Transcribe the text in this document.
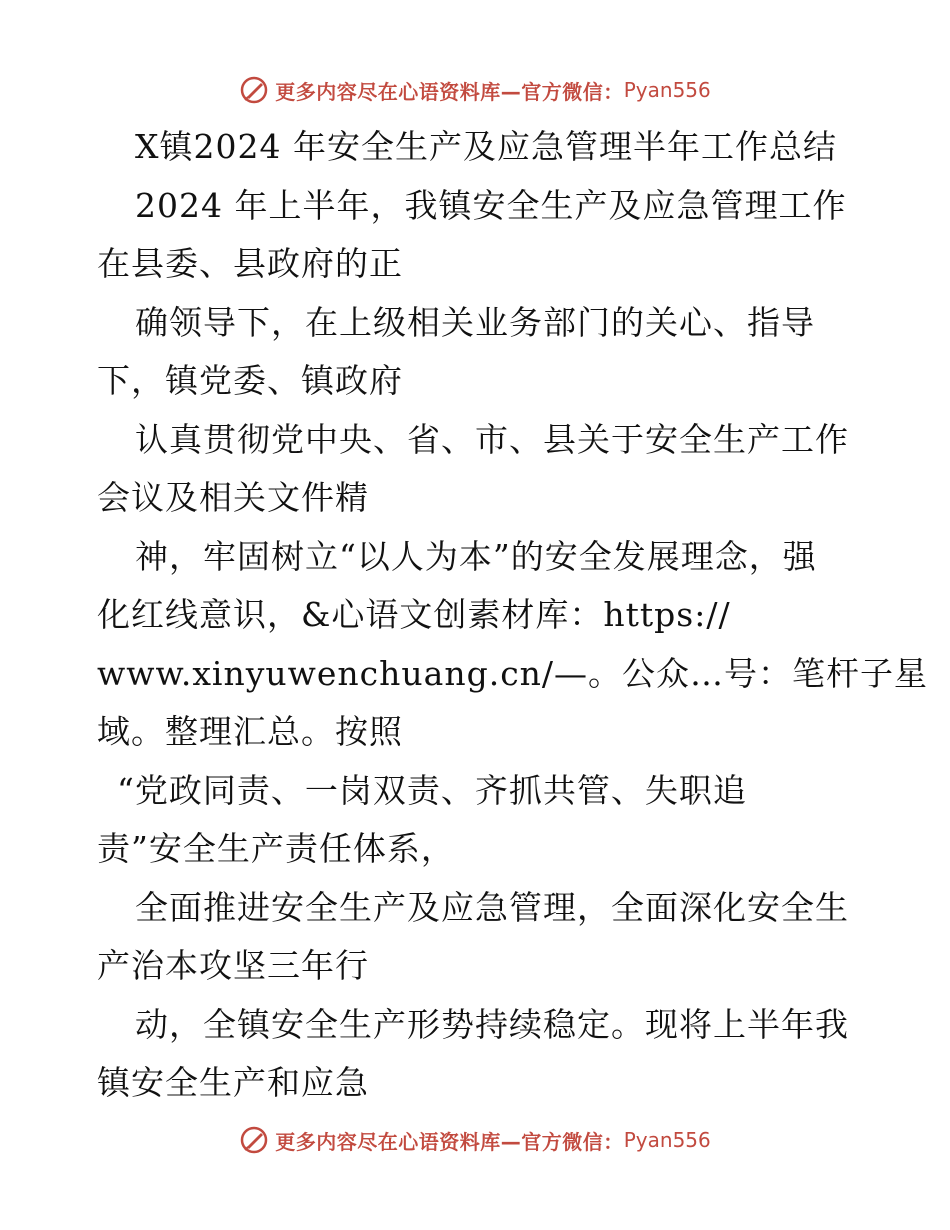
更多内容尽在心语资料库—官方微信： Pyan556
X镇2024 年安全生产及应急管理半年工作总结
2024 年上半年，我镇安全生产及应急管理工作
在县委、县政府的正
确领导下，在上级相关业务部门的关心、指导
下，镇党委、镇政府
认真贯彻党中央、省、市、县关于安全生产工作
会议及相关文件精
神，牢固树立“以人为本”的安全发展理念，强
化红线意识，&心语文创素材库：https://
www.xinyuwenchuang.cn/—。公众…号：笔杆子星
域。整理汇总。按照
“党政同责、一岗双责、齐抓共管、失职追
责”安全生产责任体系，
全面推进安全生产及应急管理，全面深化安全生
产治本攻坚三年行
动，全镇安全生产形势持续稳定。现将上半年我
镇安全生产和应急
更多内容尽在心语资料库—官方微信： Pyan556
